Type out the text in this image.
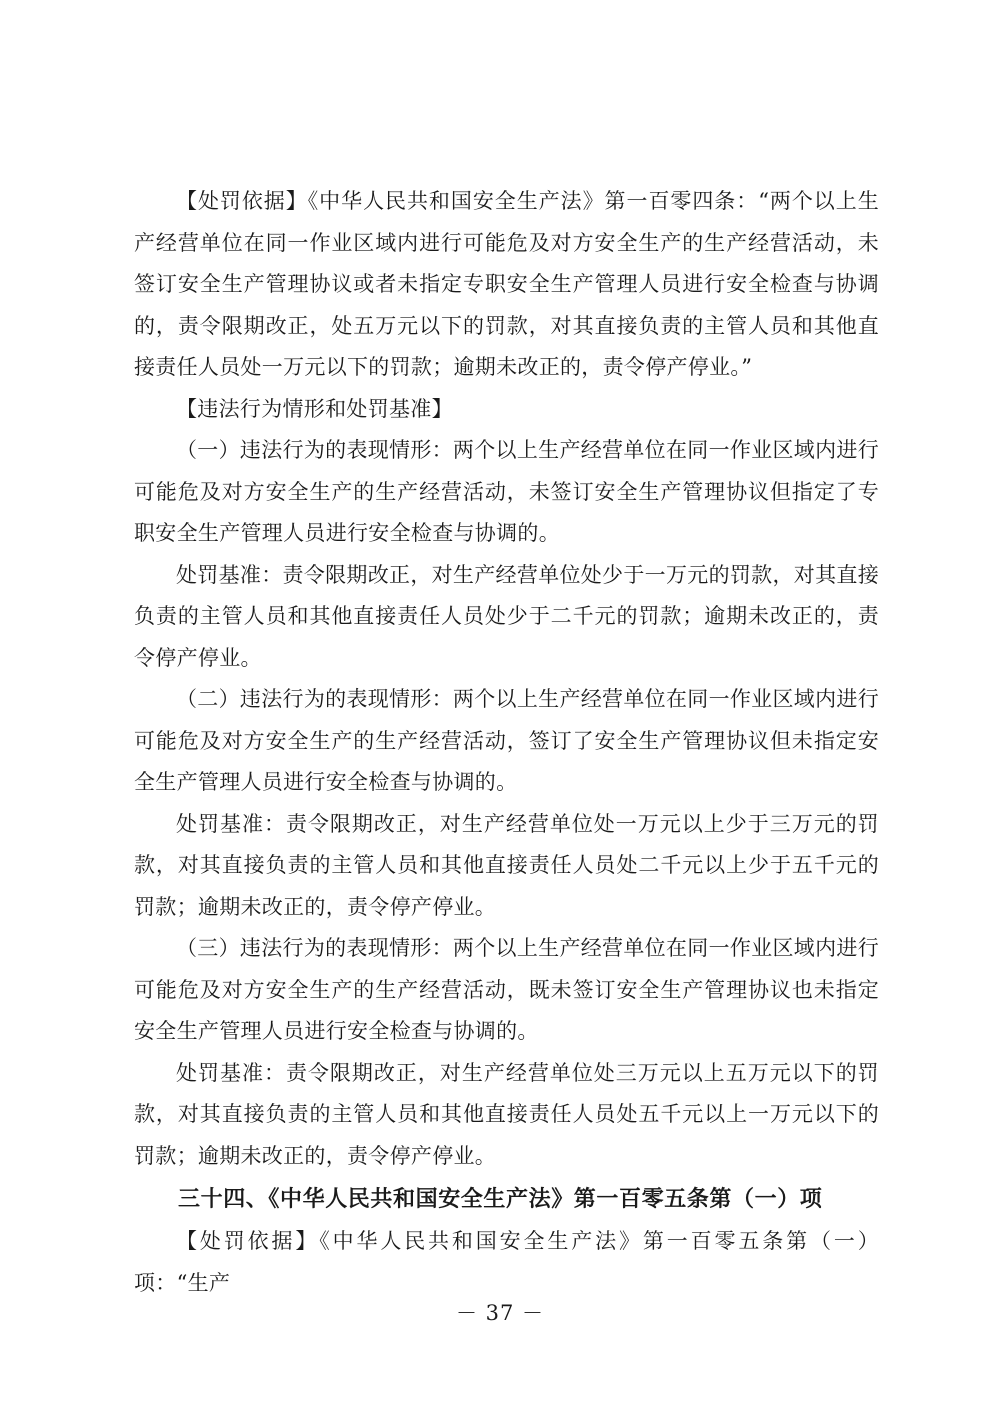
【处罚依据】《中华人民共和国安全生产法》第一百零四条：“两个以上生产经营单位在同一作业区域内进行可能危及对方安全生产的生产经营活动，未签订安全生产管理协议或者未指定专职安全生产管理人员进行安全检查与协调的，责令限期改正，处五万元以下的罚款，对其直接负责的主管人员和其他直接责任人员处一万元以下的罚款；逾期未改正的，责令停产停业。”

【违法行为情形和处罚基准】

（一）违法行为的表现情形：两个以上生产经营单位在同一作业区域内进行可能危及对方安全生产的生产经营活动，未签订安全生产管理协议但指定了专职安全生产管理人员进行安全检查与协调的。

处罚基准：责令限期改正，对生产经营单位处少于一万元的罚款，对其直接负责的主管人员和其他直接责任人员处少于二千元的罚款；逾期未改正的，责令停产停业。

（二）违法行为的表现情形：两个以上生产经营单位在同一作业区域内进行可能危及对方安全生产的生产经营活动，签订了安全生产管理协议但未指定安全生产管理人员进行安全检查与协调的。

处罚基准：责令限期改正，对生产经营单位处一万元以上少于三万元的罚款，对其直接负责的主管人员和其他直接责任人员处二千元以上少于五千元的罚款；逾期未改正的，责令停产停业。

（三）违法行为的表现情形：两个以上生产经营单位在同一作业区域内进行可能危及对方安全生产的生产经营活动，既未签订安全生产管理协议也未指定安全生产管理人员进行安全检查与协调的。

处罚基准：责令限期改正，对生产经营单位处三万元以上五万元以下的罚款，对其直接负责的主管人员和其他直接责任人员处五千元以上一万元以下的罚款；逾期未改正的，责令停产停业。

三十四、《中华人民共和国安全生产法》第一百零五条第（一）项

【处罚依据】《中华人民共和国安全生产法》第一百零五条第（一）项：“生产

－ 37 －
